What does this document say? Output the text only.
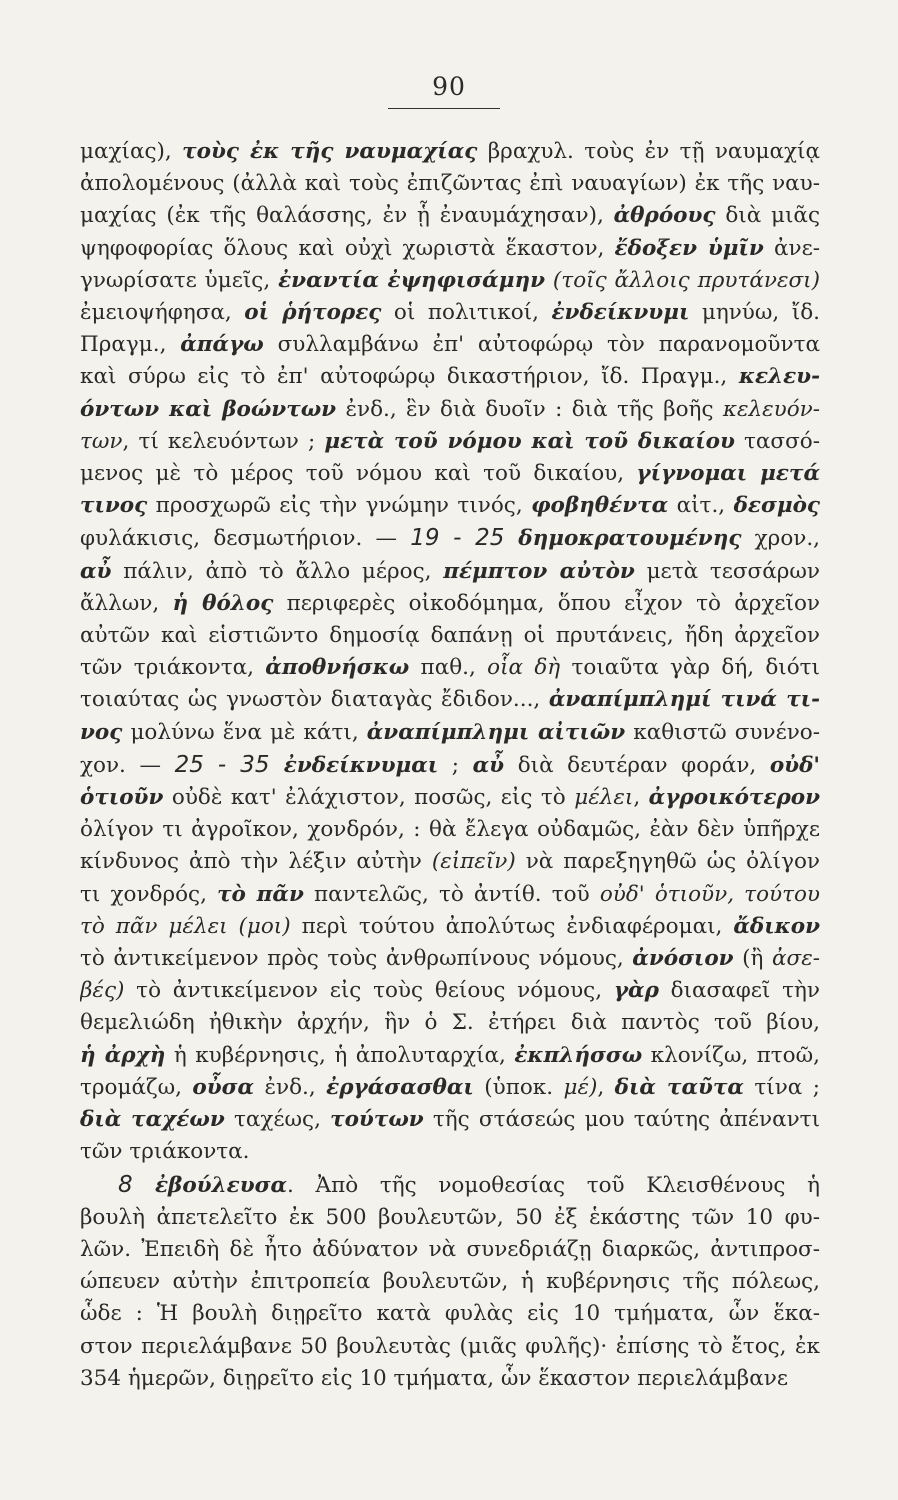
90
μαχίας), τοὺς ἐκ τῆς ναυμαχίας βραχυλ. τοὺς ἐν τῇ ναυμαχίᾳ
ἀπολομένους (ἀλλὰ καὶ τοὺς ἐπιζῶντας ἐπὶ ναυαγίων) ἐκ τῆς ναυ-
μαχίας (ἐκ τῆς θαλάσσης, ἐν ᾗ ἐναυμάχησαν), ἀθρόους διὰ μιᾶς
ψηφοφορίας ὅλους καὶ οὐχὶ χωριστὰ ἕκαστον, ἔδοξεν ὑμῖν ἀνε-
γνωρίσατε ὑμεῖς, ἐναντία ἐψηφισάμην (τοῖς ἄλλοις πρυτάνεσι)
ἐμειοψήφησα, οἱ ῥήτορες οἱ πολιτικοί, ἐνδείκνυμι μηνύω, ἴδ.
Πραγμ., ἀπάγω συλλαμβάνω ἐπ' αὐτοφώρῳ τὸν παρανομοῦντα
καὶ σύρω εἰς τὸ ἐπ' αὐτοφώρῳ δικαστήριον, ἴδ. Πραγμ., κελευ-
όντων καὶ βοώντων ἐνδ., ἓν διὰ δυοῖν : διὰ τῆς βοῆς κελευόν-
των, τί κελευόντων ; μετὰ τοῦ νόμου καὶ τοῦ δικαίου τασσό-
μενος μὲ τὸ μέρος τοῦ νόμου καὶ τοῦ δικαίου, γίγνομαι μετά
τινος προσχωρῶ εἰς τὴν γνώμην τινός, φοβηθέντα αἰτ., δεσμὸς
φυλάκισις, δεσμωτήριον. — 19 - 25 δημοκρατουμένης χρον.,
αὖ πάλιν, ἀπὸ τὸ ἄλλο μέρος, πέμπτον αὐτὸν μετὰ τεσσάρων
ἄλλων, ἡ θόλος περιφερὲς οἰκοδόμημα, ὅπου εἶχον τὸ ἀρχεῖον
αὐτῶν καὶ εἱστιῶντο δημοσίᾳ δαπάνῃ οἱ πρυτάνεις, ἤδη ἀρχεῖον
τῶν τριάκοντα, ἀποθνήσκω παθ., οἷα δὴ τοιαῦτα γὰρ δή, διότι
τοιαύτας ὡς γνωστὸν διαταγὰς ἔδιδον..., ἀναπίμπλημί τινά τι-
νος μολύνω ἕνα μὲ κάτι, ἀναπίμπλημι αἰτιῶν καθιστῶ συνένο-
χον. — 25 - 35 ἐνδείκνυμαι ; αὖ διὰ δευτέραν φοράν, οὐδ'
ὁτιοῦν οὐδὲ κατ' ἐλάχιστον, ποσῶς, εἰς τὸ μέλει, ἀγροικότερον
ὀλίγον τι ἀγροῖκον, χονδρόν, : θὰ ἔλεγα οὐδαμῶς, ἐὰν δὲν ὑπῆρχε
κίνδυνος ἀπὸ τὴν λέξιν αὐτὴν (εἰπεῖν) νὰ παρεξηγηθῶ ὡς ὀλίγον
τι χονδρός, τὸ πᾶν παντελῶς, τὸ ἀντίθ. τοῦ οὐδ' ὁτιοῦν, τούτου
τὸ πᾶν μέλει (μοι) περὶ τούτου ἀπολύτως ἐνδιαφέρομαι, ἄδικον
τὸ ἀντικείμενον πρὸς τοὺς ἀνθρωπίνους νόμους, ἀνόσιον (ἢ ἀσε-
βές) τὸ ἀντικείμενον εἰς τοὺς θείους νόμους, γὰρ διασαφεῖ τὴν
θεμελιώδη ἠθικὴν ἀρχήν, ἣν ὁ Σ. ἐτήρει διὰ παντὸς τοῦ βίου,
ἡ ἀρχὴ ἡ κυβέρνησις, ἡ ἀπολυταρχία, ἐκπλήσσω κλονίζω, πτοῶ,
τρομάζω, οὖσα ἐνδ., ἐργάσασθαι (ὑποκ. μέ), διὰ ταῦτα τίνα ;
διὰ ταχέων ταχέως, τούτων τῆς στάσεώς μου ταύτης ἀπέναντι
τῶν τριάκοντα.
8 ἐβούλευσα. Ἀπὸ τῆς νομοθεσίας τοῦ Κλεισθένους ἡ
βουλὴ ἀπετελεῖτο ἐκ 500 βουλευτῶν, 50 ἐξ ἑκάστης τῶν 10 φυ-
λῶν. Ἐπειδὴ δὲ ἦτο ἀδύνατον νὰ συνεδριάζῃ διαρκῶς, ἀντιπροσ-
ώπευεν αὐτὴν ἐπιτροπεία βουλευτῶν, ἡ κυβέρνησις τῆς πόλεως,
ὧδε : Ἡ βουλὴ διῃρεῖτο κατὰ φυλὰς εἰς 10 τμήματα, ὧν ἕκα-
στον περιελάμβανε 50 βουλευτὰς (μιᾶς φυλῆς)· ἐπίσης τὸ ἔτος, ἐκ
354 ἡμερῶν, διῃρεῖτο εἰς 10 τμήματα, ὧν ἕκαστον περιελάμβανε
